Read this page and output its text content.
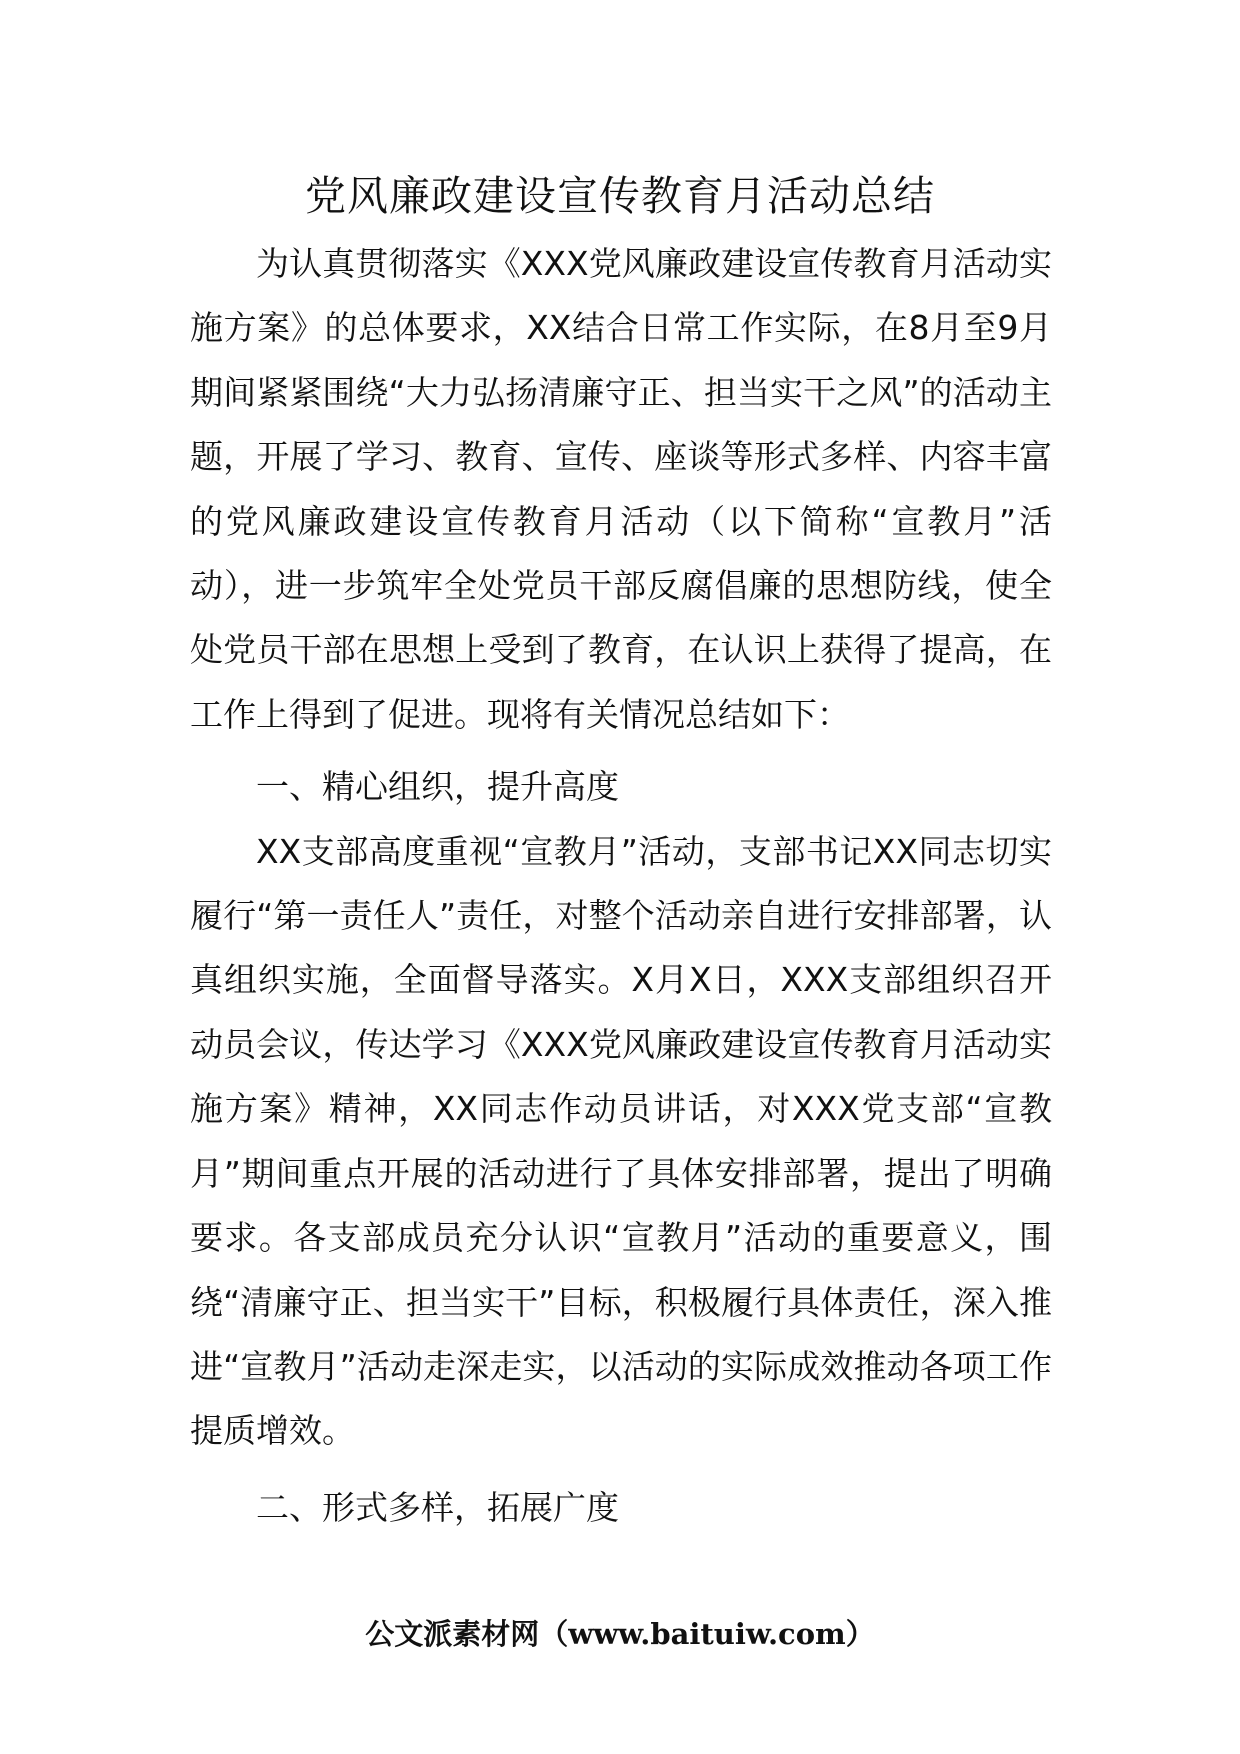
党风廉政建设宣传教育月活动总结

为认真贯彻落实《XXX党风廉政建设宣传教育月活动实施方案》的总体要求，XX结合日常工作实际，在8月至9月期间紧紧围绕“大力弘扬清廉守正、担当实干之风”的活动主题，开展了学习、教育、宣传、座谈等形式多样、内容丰富的党风廉政建设宣传教育月活动（以下简称“宣教月”活动），进一步筑牢全处党员干部反腐倡廉的思想防线，使全处党员干部在思想上受到了教育，在认识上获得了提高，在工作上得到了促进。现将有关情况总结如下：

一、精心组织，提升高度

XX支部高度重视“宣教月”活动，支部书记XX同志切实履行“第一责任人”责任，对整个活动亲自进行安排部署，认真组织实施，全面督导落实。X月X日，XXX支部组织召开动员会议，传达学习《XXX党风廉政建设宣传教育月活动实施方案》精神，XX同志作动员讲话，对XXX党支部“宣教月”期间重点开展的活动进行了具体安排部署，提出了明确要求。各支部成员充分认识“宣教月”活动的重要意义，围绕“清廉守正、担当实干”目标，积极履行具体责任，深入推进“宣教月”活动走深走实，以活动的实际成效推动各项工作提质增效。

二、形式多样，拓展广度

公文派素材网（www.baituiw.com）
